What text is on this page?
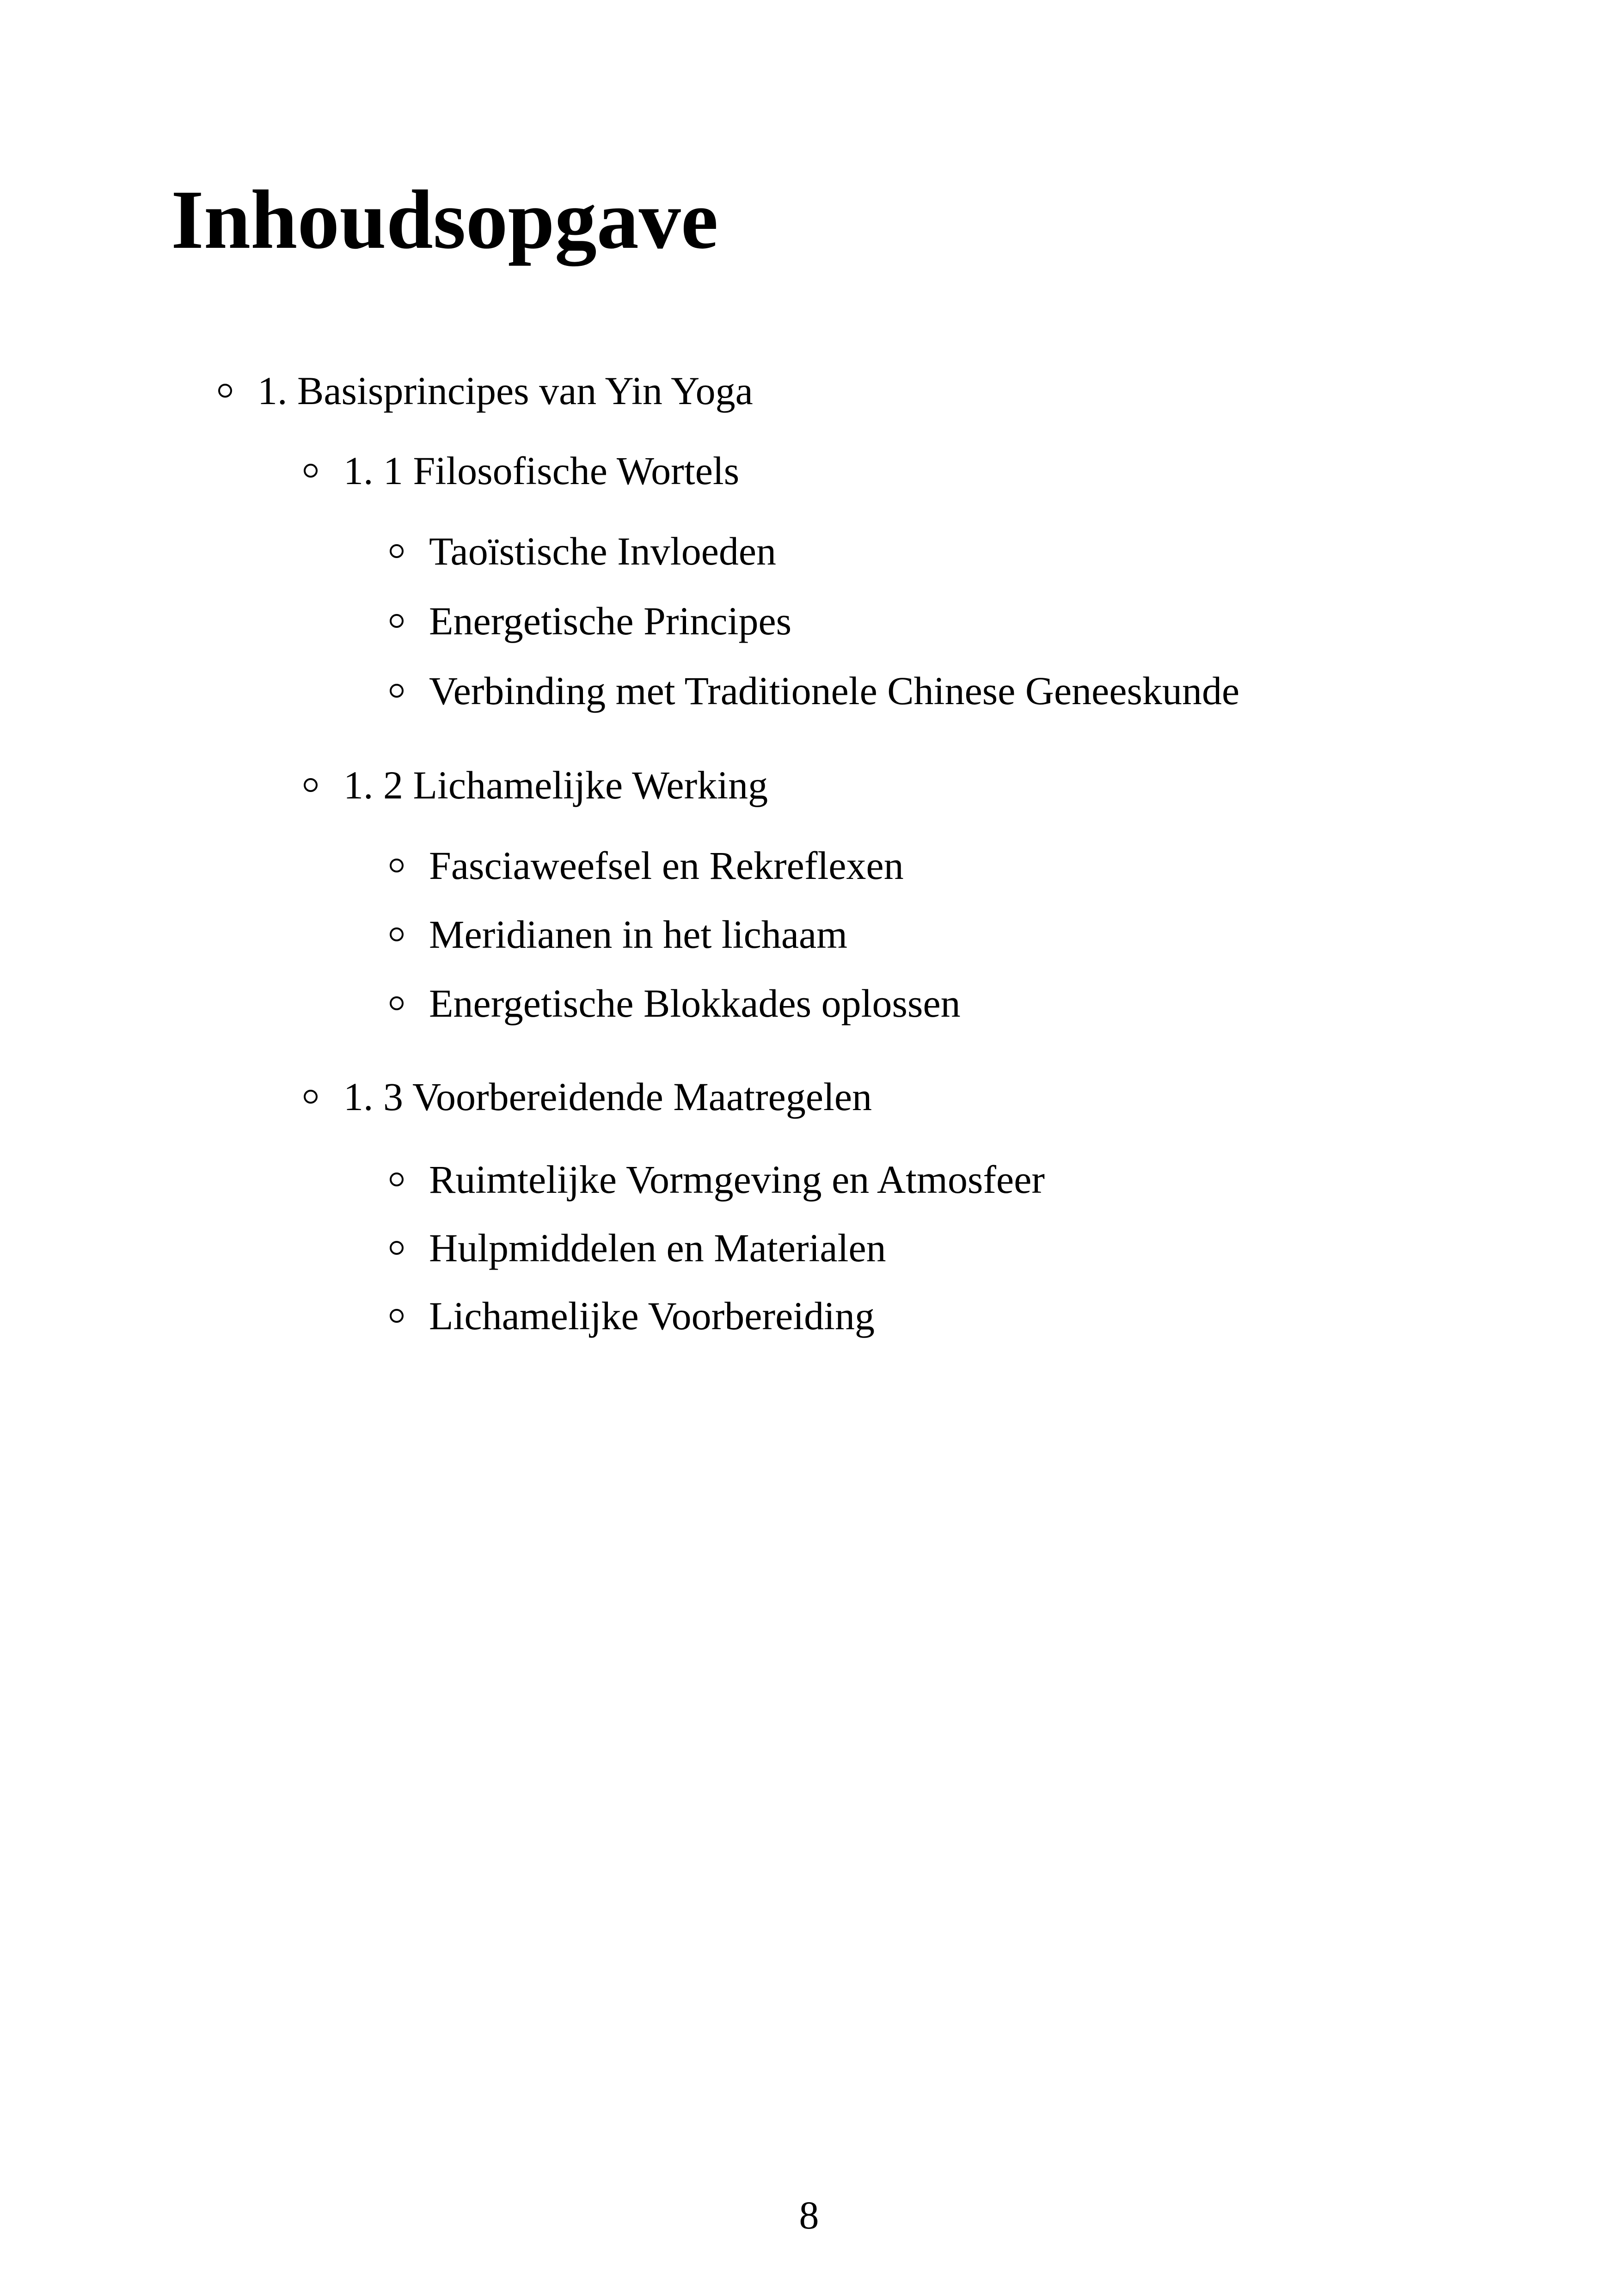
Inhoudsopgave
1. Basisprincipes van Yin Yoga
1. 1 Filosofische Wortels
Taoïstische Invloeden
Energetische Principes
Verbinding met Traditionele Chinese Geneeskunde
1. 2 Lichamelijke Werking
Fasciaweefsel en Rekreflexen
Meridianen in het lichaam
Energetische Blokkades oplossen
1. 3 Voorbereidende Maatregelen
Ruimtelijke Vormgeving en Atmosfeer
Hulpmiddelen en Materialen
Lichamelijke Voorbereiding
8
